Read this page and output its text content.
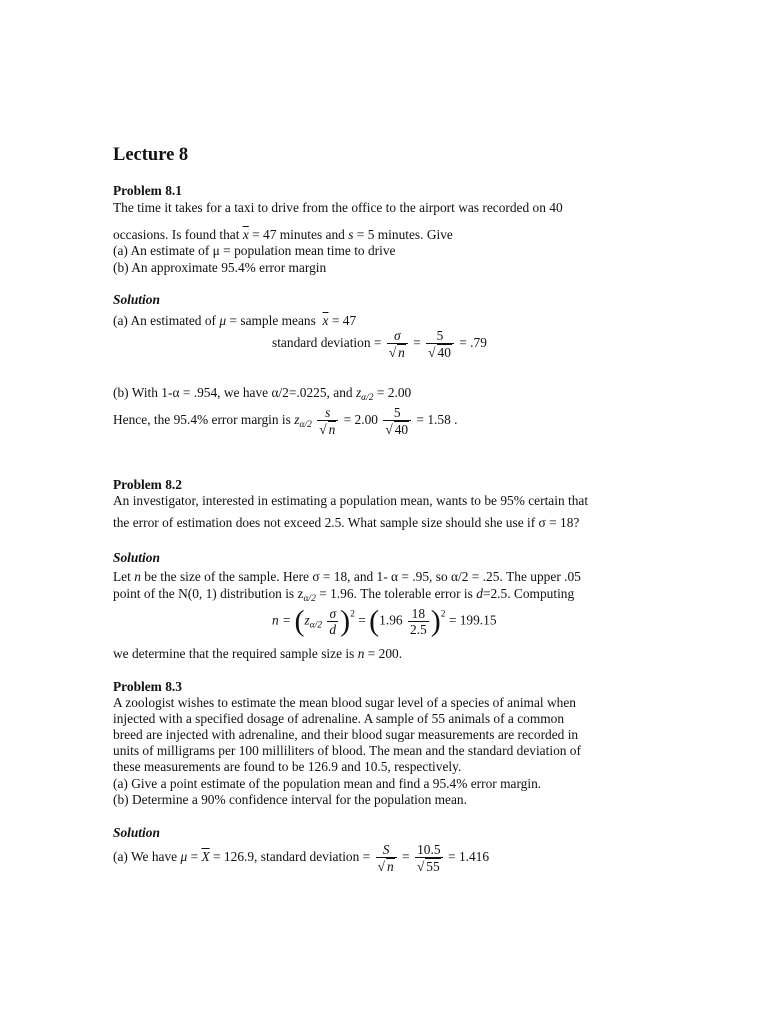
Lecture 8
Problem 8.1
The time it takes for a taxi to drive from the office to the airport was recorded on 40
occasions. Is found that $\overline{x} = 47$ minutes and s = 5 minutes. Give
(a) An estimate of μ = population mean time to drive
(b) An approximate 95.4% error margin
Solution
(a) An estimated of μ = sample means $\overline{x} = 47$
standard deviation = $\frac{\sigma}{√ n} = \frac{5}{√ 40} = .79$
(b) With 1-α = .954, we have α/2=.0225, and $z_{\alpha/2} = 2.00$
Hence, the 95.4% error margin is $z_{\alpha/2} \frac{s}{√ n} = 2.00 \frac{5}{√ 40} = 1.58$ .
Problem 8.2
An investigator, interested in estimating a population mean, wants to be 95% certain that
the error of estimation does not exceed 2.5. What sample size should she use if σ = 18?
Solution
Let n be the size of the sample. Here σ = 18, and 1- α = .95, so α/2 = .25. The upper .05
point of the N(0, 1) distribution is $z_{\alpha/2} = 1.96$. The tolerable error is d=2.5. Computing
$n = (z_{\alpha/2} \frac{\sigma}{d} )^2 = (1.96 \frac{18}{2.5} )^2 = 199.15$
we determine that the required sample size is n = 200.
Problem 8.3
A zoologist wishes to estimate the mean blood sugar level of a species of animal when
injected with a specified dosage of adrenaline. A sample of 55 animals of a common
breed are injected with adrenaline, and their blood sugar measurements are recorded in
units of milligrams per 100 milliliters of blood. The mean and the standard deviation of
these measurements are found to be 126.9 and 10.5, respectively.
(a) Give a point estimate of the population mean and find a 95.4% error margin.
(b) Determine a 90% confidence interval for the population mean.
Solution
(a) We have $\mu = \overline{X} = 126.9$, standard deviation = $\frac{S}{√ n} = \frac{10.5}{√ 55} = 1.416$
